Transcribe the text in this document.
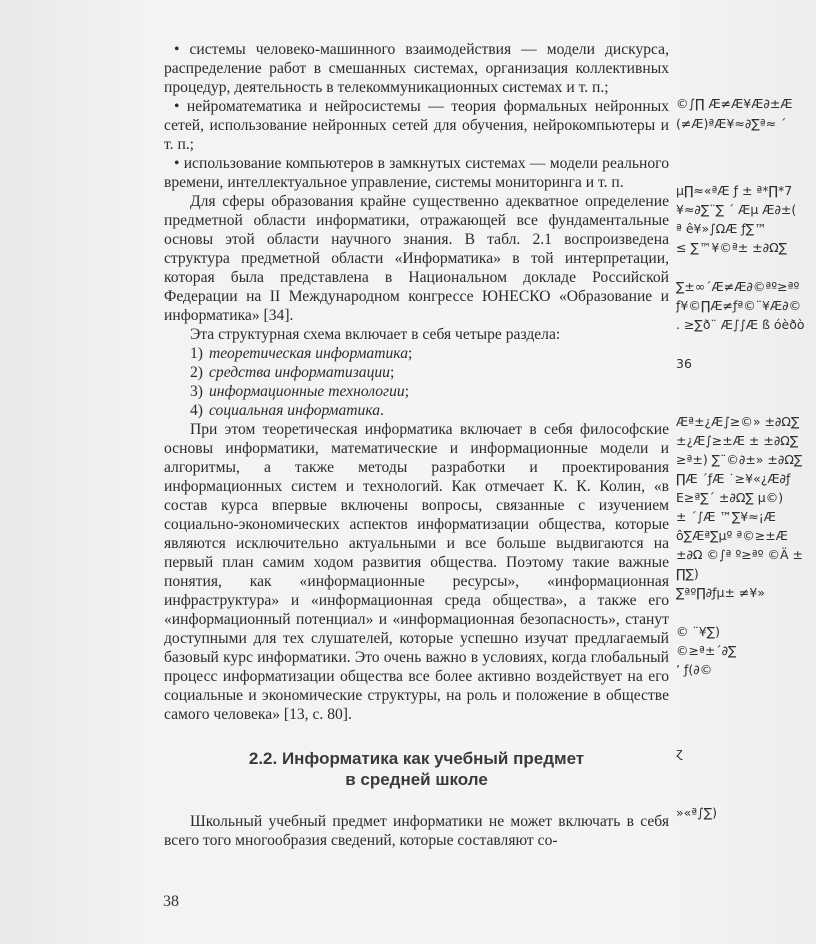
• системы человеко-машинного взаимодействия — модели дискурса, распределение работ в смешанных системах, организация коллективных процедур, деятельность в телекоммуникационных системах и т. п.;

• нейроматематика и нейросистемы — теория формальных нейронных сетей, использование нейронных сетей для обучения, нейрокомпьютеры и т. п.;

• использование компьютеров в замкнутых системах — модели реального времени, интеллектуальное управление, системы мониторинга и т. п.

Для сферы образования крайне существенно адекватное определение предметной области информатики, отражающей все фундаментальные основы этой области научного знания. В табл. 2.1 воспроизведена структура предметной области «Информатика» в той интерпретации, которая была представлена в Национальном докладе Российской Федерации на II Международном конгрессе ЮНЕСКО «Образование и информатика» [34].

Эта структурная схема включает в себя четыре раздела:

1) теоретическая информатика;

2) средства информатизации;

3) информационные технологии;

4) социальная информатика.

При этом теоретическая информатика включает в себя философские основы информатики, математические и информационные модели и алгоритмы, а также методы разработки и проектирования информационных систем и технологий. Как отмечает К. К. Колин, «в состав курса впервые включены вопросы, связанные с изучением социально-экономических аспектов информатизации общества, которые являются исключительно актуальными и все больше выдвигаются на первый план самим ходом развития общества. Поэтому такие важные понятия, как «информационные ресурсы», «информационная инфраструктура» и «информационная среда общества», а также его «информационный потенциал» и «информационная безопасность», станут доступными для тех слушателей, которые успешно изучат предлагаемый базовый курс информатики. Это очень важно в условиях, когда глобальный процесс информатизации общества все более активно воздействует на его социальные и экономические структуры, на роль и положение в обществе самого человека» [13, с. 80].

2.2. Информатика как учебный предмет
в средней школе

Школьный учебный предмет информатики не может включать в себя всего того многообразия сведений, которые составляют со-

38
©∫∏ Æ≠Æ¥Æ∂±Æ
(≠Æ)ªÆ¥≈∂∑ª≈ ´
ͅµ∏≈«ªÆ ƒ ± ª*∏*7
¥≈∂∑¨∑ ´ Æµ Æ∂±(
ª ê¥»∫ΩÆ ƒ∑™
≤ ∑™¥©ª± ±∂Ω∑
∑±∞´Æ≠Æ∂©ªº≥ªº
ƒ¥©∏Æ≠ƒª©¨¥Æ∂©
. ≥∑ð¨ Æ∫∫Æ ß óèðò
36
Æª±¿Æ∫≥©» ±∂Ω∑
±¿Æ∫≥±Æ ± ±∂Ω∑
≥ª±) ∑¨©∂±» ±∂Ω∑
∏Æ ´ƒÆ ˙≥¥«¿Æ∂ƒ
E≥ª∑´ ±∂Ω∑ µ©)
± ´∫Æ ™∑¥≈¡Æ
ô∑Æª∑µº ª©≥±Æ
±∂Ω ©∫ª º≥ªº ©Ä ±
∏∑)
∑ªº∏∂ƒµ± ≠¥»
© ¨¥∑)
©≥ª±´∂∑
’ ƒ(∂©
ɀ
»«ª∫∑)
